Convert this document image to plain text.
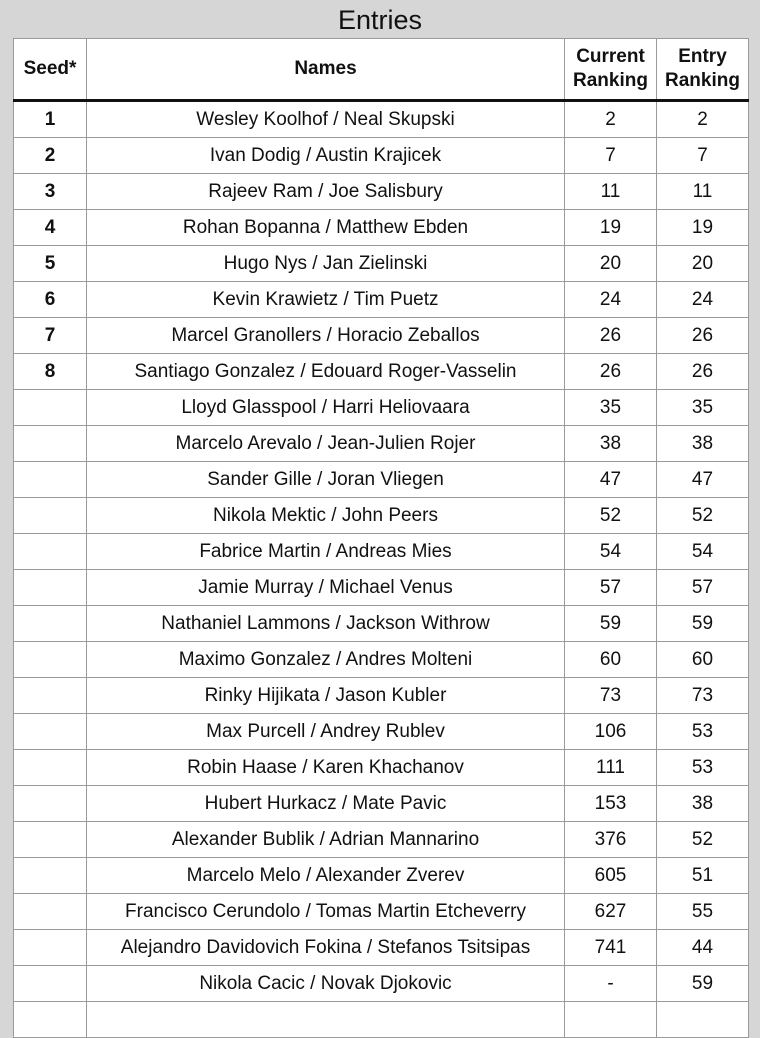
Entries
Seed*	Names	Current Ranking	Entry Ranking
1	Wesley Koolhof / Neal Skupski	2	2
2	Ivan Dodig / Austin Krajicek	7	7
3	Rajeev Ram / Joe Salisbury	11	11
4	Rohan Bopanna / Matthew Ebden	19	19
5	Hugo Nys / Jan Zielinski	20	20
6	Kevin Krawietz / Tim Puetz	24	24
7	Marcel Granollers / Horacio Zeballos	26	26
8	Santiago Gonzalez / Edouard Roger-Vasselin	26	26
	Lloyd Glasspool / Harri Heliovaara	35	35
	Marcelo Arevalo / Jean-Julien Rojer	38	38
	Sander Gille / Joran Vliegen	47	47
	Nikola Mektic / John Peers	52	52
	Fabrice Martin / Andreas Mies	54	54
	Jamie Murray / Michael Venus	57	57
	Nathaniel Lammons / Jackson Withrow	59	59
	Maximo Gonzalez / Andres Molteni	60	60
	Rinky Hijikata / Jason Kubler	73	73
	Max Purcell / Andrey Rublev	106	53
	Robin Haase / Karen Khachanov	111	53
	Hubert Hurkacz / Mate Pavic	153	38
	Alexander Bublik / Adrian Mannarino	376	52
	Marcelo Melo / Alexander Zverev	605	51
	Francisco Cerundolo / Tomas Martin Etcheverry	627	55
	Alejandro Davidovich Fokina / Stefanos Tsitsipas	741	44
	Nikola Cacic / Novak Djokovic	-	59
